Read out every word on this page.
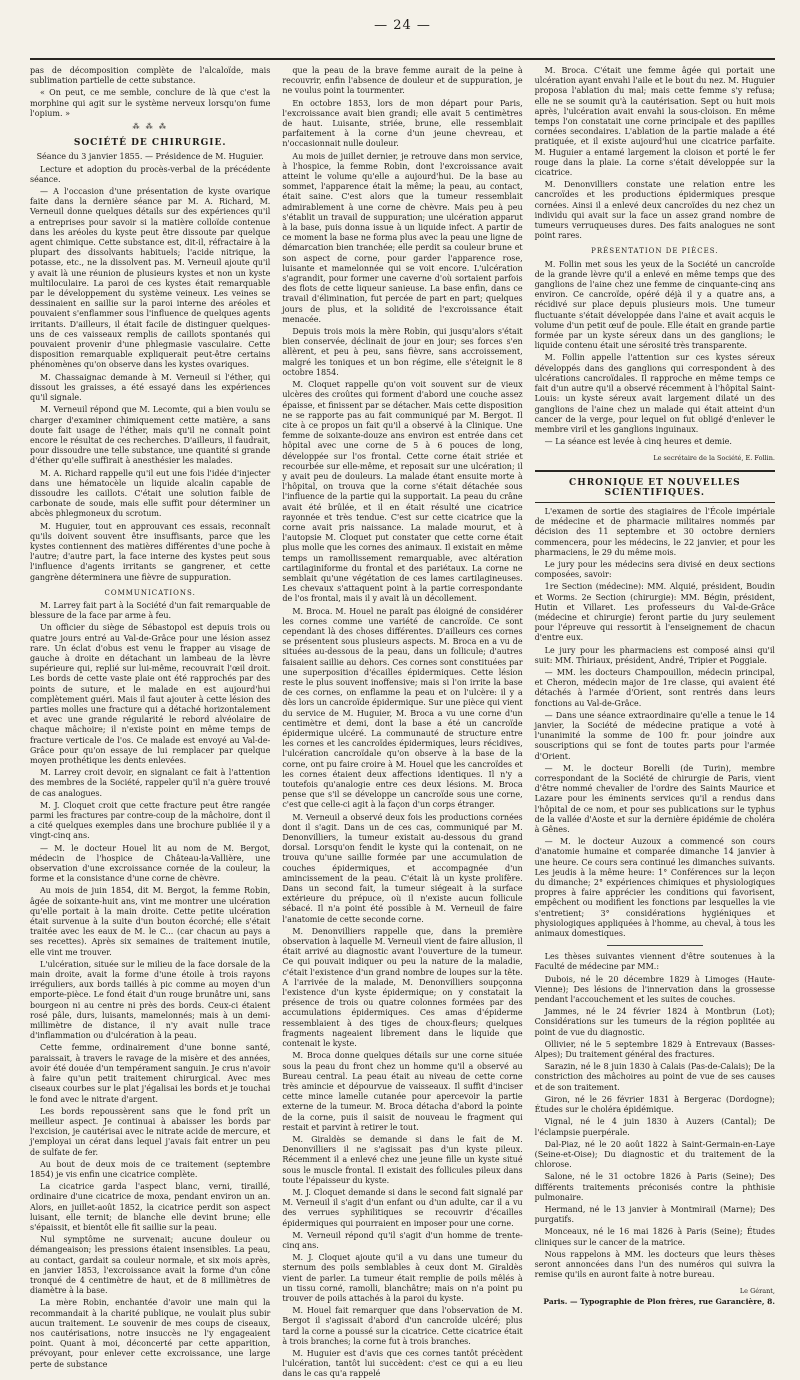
— 24 —

pas de décomposition complète de l'alcaloïde, mais sublimation partielle de cette substance.

« On peut, ce me semble, conclure de là que c'est la morphine qui agit sur le système nerveux lorsqu'on fume l'opium. »

⁂ ⁂ ⁂
SOCIÉTÉ DE CHIRURGIE.

Séance du 3 janvier 1855. — Présidence de M. Huguier.

Lecture et adoption du procès-verbal de la précédente séance.

— A l'occasion d'une présentation de kyste ovarique faite dans la dernière séance par M. A. Richard, M. Verneuil donne quelques détails sur des expériences qu'il a entreprises pour savoir si la matière colloïde contenue dans les aréoles du kyste peut être dissoute par quelque agent chimique. Cette substance est, dit-il, réfractaire à la plupart des dissolvants habituels; l'acide nitrique, la potasse, etc., ne la dissolvent pas. M. Verneuil ajoute qu'il y avait là une réunion de plusieurs kystes et non un kyste multiloculaire. La paroi de ces kystes était remarquable par le développement du système veineux. Les veines se dessinaient en saillie sur la paroi interne des aréoles et pouvaient s'enflammer sous l'influence de quelques agents irritants. D'ailleurs, il était facile de distinguer quelques-uns de ces vaisseaux remplis de caillots spontanés qui pouvaient provenir d'une phlegmasie vasculaire. Cette disposition remarquable expliquerait peut-être certains phénomènes qu'on observe dans les kystes ovariques.

M. Chassaignac demande à M. Verneuil si l'éther, qui dissout les graisses, a été essayé dans les expériences qu'il signale.

M. Verneuil répond que M. Lecomte, qui a bien voulu se charger d'examiner chimiquement cette matière, a sans doute fait usage de l'éther, mais qu'il ne connaît point encore le résultat de ces recherches. D'ailleurs, il faudrait, pour dissoudre une telle substance, une quantité si grande d'éther qu'elle suffirait à anesthésier les malades.

M. A. Richard rappelle qu'il eut une fois l'idée d'injecter dans une hématocèle un liquide alcalin capable de dissoudre les caillots. C'était une solution faible de carbonate de soude, mais elle suffit pour déterminer un abcès phlegmoneux du scrotum.

M. Huguier, tout en approuvant ces essais, reconnaît qu'ils doivent souvent être insuffisants, parce que les kystes contiennent des matières différentes d'une poche à l'autre; d'autre part, la face interne des kystes peut sous l'influence d'agents irritants se gangrener, et cette gangrène déterminera une fièvre de suppuration.

COMMUNICATIONS.

M. Larrey fait part à la Société d'un fait remarquable de blessure de la face par arme à feu.

Un officier du siège de Sébastopol est depuis trois ou quatre jours entré au Val-de-Grâce pour une lésion assez rare. Un éclat d'obus est venu le frapper au visage de gauche à droite en détachant un lambeau de la lèvre supérieure qui, replié sur lui-même, recouvrait l'œil droit. Les bords de cette vaste plaie ont été rapprochés par des points de suture, et le malade en est aujourd'hui complètement guéri. Mais il faut ajouter à cette lésion des parties molles une fracture qui a détaché horizontalement et avec une grande régularité le rebord alvéolaire de chaque mâchoire; il n'existe point en même temps de fracture verticale de l'os. Ce malade est envoyé au Val-de-Grâce pour qu'on essaye de lui remplacer par quelque moyen prothétique les dents enlevées.

M. Larrey croit devoir, en signalant ce fait à l'attention des membres de la Société, rappeler qu'il n'a guère trouvé de cas analogues.

M. J. Cloquet croit que cette fracture peut être rangée parmi les fractures par contre-coup de la mâchoire, dont il a cité quelques exemples dans une brochure publiée il y a vingt-cinq ans.

— M. le docteur Houel lit au nom de M. Bergot, médecin de l'hospice de Château-la-Vallière, une observation d'une excroissance cornée de la couleur, la forme et la consistance d'une corne de chèvre.

Au mois de juin 1854, dit M. Bergot, la femme Robin, âgée de soixante-huit ans, vint me montrer une ulcération qu'elle portait à la main droite. Cette petite ulcération était survenue à la suite d'un bouton écorché; elle s'était traitée avec les eaux de M. le C... (car chacun au pays a ses recettes). Après six semaines de traitement inutile, elle vint me trouver.

L'ulcération, située sur le milieu de la face dorsale de la main droite, avait la forme d'une étoile à trois rayons irréguliers, aux bords taillés à pic comme au moyen d'un emporte-pièce. Le fond était d'un rouge brunâtre uni, sans bourgeon ni au centre ni près des bords. Ceux-ci étaient rosé pâle, durs, luisants, mamelonnés; mais à un demi-millimètre de distance, il n'y avait nulle trace d'inflammation ou d'ulcération à la peau.

Cette femme, ordinairement d'une bonne santé, paraissait, à travers le ravage de la misère et des années, avoir été douée d'un tempérament sanguin. Je crus n'avoir à faire qu'un petit traitement chirurgical. Avec mes ciseaux courbes sur le plat j'égalisai les bords et je touchai le fond avec le nitrate d'argent.

Les bords repoussèrent sans que le fond prît un meilleur aspect. Je continuai à abaisser les bords par l'excision, je cautérisai avec le nitrate acide de mercure, et j'employai un cérat dans lequel j'avais fait entrer un peu de sulfate de fer.

Au bout de deux mois de ce traitement (septembre 1854) je vis enfin une cicatrice complète.

La cicatrice garda l'aspect blanc, verni, tiraillé, ordinaire d'une cicatrice de moxa, pendant environ un an. Alors, en juillet-août 1852, la cicatrice perdit son aspect luisant, elle ternit; de blanche elle devint brune; elle s'épaissit, et bientôt elle fit saillie sur la peau.

Nul symptôme ne survenait; aucune douleur ou démangeaison; les pressions étaient insensibles. La peau, au contact, gardait sa couleur normale, et six mois après, en janvier 1853, l'excroissance avait la forme d'un cône tronqué de 4 centimètre de haut, et de 8 millimètres de diamètre à la base.

La mère Robin, enchantée d'avoir une main qui la recommandait à la charité publique, ne voulait plus subir aucun traitement. Le souvenir de mes coups de ciseaux, nos cautérisations, notre insuccès ne l'y engageaient point. Quant à moi, déconcerté par cette apparition, prévoyant, pour enlever cette excroissance, une large perte de substance

que la peau de la brave femme aurait de la peine à recouvrir, enfin l'absence de douleur et de suppuration, je ne voulus point la tourmenter.

En octobre 1853, lors de mon départ pour Paris, l'excroissance avait bien grandi; elle avait 5 centimètres de haut. Luisante, striée, brune, elle ressemblait parfaitement à la corne d'un jeune chevreau, et n'occasionnait nulle douleur.

Au mois de juillet dernier, je retrouve dans mon service, à l'hospice, la femme Robin, dont l'excroissance avait atteint le volume qu'elle a aujourd'hui. De la base au sommet, l'apparence était la même; la peau, au contact, était saine. C'est alors que la tumeur ressemblait admirablement à une corne de chèvre. Mais peu à peu s'établit un travail de suppuration; une ulcération apparut à la base, puis donna issue à un liquide infect. A partir de ce moment la base ne forma plus avec la peau une ligne de démarcation bien tranchée; elle perdit sa couleur brune et son aspect de corne, pour garder l'apparence rose, luisante et mamelonnée qui se voit encore. L'ulcération s'agrandit, pour former une caverne d'où sortaient parfois des flots de cette liqueur sanieuse. La base enfin, dans ce travail d'élimination, fut percée de part en part; quelques jours de plus, et la solidité de l'excroissance était menacée.

Depuis trois mois la mère Robin, qui jusqu'alors s'était bien conservée, déclinait de jour en jour; ses forces s'en allèrent, et peu à peu, sans fièvre, sans accroissement, malgré les toniques et un bon régime, elle s'éteignit le 8 octobre 1854.

M. Cloquet rappelle qu'on voit souvent sur de vieux ulcères des croûtes qui forment d'abord une couche assez épaisse, et finissent par se détacher. Mais cette disposition ne se rapporte pas au fait communiqué par M. Bergot. Il cite à ce propos un fait qu'il a observé à la Clinique. Une femme de soixante-douze ans environ est entrée dans cet hôpital avec une corne de 5 à 6 pouces de long, développée sur l'os frontal. Cette corne était striée et recourbée sur elle-même, et reposait sur une ulcération; il y avait peu de douleurs. La malade étant ensuite morte à l'hôpital, on trouva que la corne s'était détachée sous l'influence de la partie qui la supportait. La peau du crâne avait été brûlée, et il en était résulté une cicatrice rayonnée et très tendue. C'est sur cette cicatrice que la corne avait pris naissance. La malade mourut, et à l'autopsie M. Cloquet put constater que cette corne était plus molle que les cornes des animaux. Il existait en même temps un ramollissement remarquable, avec altération cartilaginiforme du frontal et des pariétaux. La corne ne semblait qu'une végétation de ces lames cartilagineuses. Les chevaux s'attaquent point à la partie correspondante de l'os frontal, mais il y avait là un décollement.

M. Broca. M. Houel ne paraît pas éloigné de considérer les cornes comme une variété de cancroïde. Ce sont cependant là des choses différentes. D'ailleurs ces cornes se présentent sous plusieurs aspects. M. Broca en a vu de situées au-dessous de la peau, dans un follicule; d'autres faisaient saillie au dehors. Ces cornes sont constituées par une superposition d'écailles épidermiques. Cette lésion reste le plus souvent inoffensive; mais si l'on irrite la base de ces cornes, on enflamme la peau et on l'ulcère: il y a dès lors un cancroïde épidermique. Sur une pièce qui vient du service de M. Huguier, M. Broca a vu une corne d'un centimètre et demi, dont la base a été un cancroïde épidermique ulcéré. La communauté de structure entre les cornes et les cancroïdes épidermiques, leurs récidives, l'ulcération cancroïdale qu'on observe à la base de la corne, ont pu faire croire à M. Houel que les cancroïdes et les cornes étaient deux affections identiques. Il n'y a toutefois qu'analogie entre ces deux lésions. M. Broca pense que s'il se développe un cancroïde sous une corne, c'est que celle-ci agit à la façon d'un corps étranger.

M. Verneuil a observé deux fois les productions cornées dont il s'agit. Dans un de ces cas, communiqué par M. Denonvilliers, la tumeur existait au-dessous du grand dorsal. Lorsqu'on fendit le kyste qui la contenait, on ne trouva qu'une saillie formée par une accumulation de couches épidermiques, et accompagnée d'un amincissement de la peau. C'était là un kyste prolifère. Dans un second fait, la tumeur siégeait à la surface extérieure du prépuce, où il n'existe aucun follicule sébacé. Il n'a point été possible à M. Verneuil de faire l'anatomie de cette seconde corne.

M. Denonvilliers rappelle que, dans la première observation à laquelle M. Verneuil vient de faire allusion, il était arrivé au diagnostic avant l'ouverture de la tumeur. Ce qui pouvait indiquer ou peu la nature de la maladie, c'était l'existence d'un grand nombre de loupes sur la tête. A l'arrivée de la malade, M. Denonvilliers soupçonna l'existence d'un kyste épidermique; on y constatait la présence de trois ou quatre colonnes formées par des accumulations épidermiques. Ces amas d'épiderme ressemblaient à des tiges de choux-fleurs; quelques fragments nageaient librement dans le liquide que contenait le kyste.

M. Broca donne quelques détails sur une corne située sous la peau du front chez un homme qu'il a observé au Bureau central. La peau était au niveau de cette corne très amincie et dépourvue de vaisseaux. Il suffit d'inciser cette mince lamelle cutanée pour apercevoir la partie externe de la tumeur. M. Broca détacha d'abord la pointe de la corne, puis il saisit de nouveau le fragment qui restait et parvint à retirer le tout.

M. Giraldès se demande si dans le fait de M. Denonvilliers il ne s'agissait pas d'un kyste pileux. Récemment il a enlevé chez une jeune fille un kyste situé sous le muscle frontal. Il existait des follicules pileux dans toute l'épaisseur du kyste.

M. J. Cloquet demande si dans le second fait signalé par M. Verneuil il s'agit d'un enfant ou d'un adulte, car il a vu des verrues syphilitiques se recouvrir d'écailles épidermiques qui pourraient en imposer pour une corne.

M. Verneuil répond qu'il s'agit d'un homme de trente-cinq ans.

M. J. Cloquet ajoute qu'il a vu dans une tumeur du sternum des poils semblables à ceux dont M. Giraldès vient de parler. La tumeur était remplie de poils mêlés à un tissu corné, ramolli, blanchâtre; mais on n'a point pu trouver de poils attachés à la paroi du kyste.

M. Houel fait remarquer que dans l'observation de M. Bergot il s'agissait d'abord d'un cancroïde ulcéré; plus tard la corne a poussé sur la cicatrice. Cette cicatrice était à trois branches; la corne fut à trois branches.

M. Huguier est d'avis que ces cornes tantôt précèdent l'ulcération, tantôt lui succèdent: c'est ce qui a eu lieu dans le cas qu'a rappelé

M. Broca. C'était une femme âgée qui portait une ulcération ayant envahi l'aile et le bout du nez. M. Huguier proposa l'ablation du mal; mais cette femme s'y refusa; elle ne se soumit qu'à la cautérisation. Sept ou huit mois après, l'ulcération avait envahi la sous-cloison. En même temps l'on constatait une corne principale et des papilles cornées secondaires. L'ablation de la partie malade a été pratiquée, et il existe aujourd'hui une cicatrice parfaite. M. Huguier a entamé largement la cloison et porté le fer rouge dans la plaie. La corne s'était développée sur la cicatrice.

M. Denonvilliers constate une relation entre les cancroïdes et les productions épidermiques presque cornées. Ainsi il a enlevé deux cancroïdes du nez chez un individu qui avait sur la face un assez grand nombre de tumeurs verruqueuses dures. Des faits analogues ne sont point rares.

PRÉSENTATION DE PIÈCES.

M. Follin met sous les yeux de la Société un cancroïde de la grande lèvre qu'il a enlevé en même temps que des ganglions de l'aine chez une femme de cinquante-cinq ans environ. Ce cancroïde, opéré déjà il y a quatre ans, a récidivé sur place depuis plusieurs mois. Une tumeur fluctuante s'était développée dans l'aine et avait acquis le volume d'un petit œuf de poule. Elle était en grande partie formée par un kyste séreux dans un des ganglions; le liquide contenu était une sérosité très transparente.

M. Follin appelle l'attention sur ces kystes séreux développés dans des ganglions qui correspondent à des ulcérations cancroïdales. Il rapproche en même temps ce fait d'un autre qu'il a observé récemment à l'hôpital Saint-Louis: un kyste séreux avait largement dilaté un des ganglions de l'aine chez un malade qui était atteint d'un cancer de la verge, pour lequel on fut obligé d'enlever le membre viril et les ganglions inguinaux.

— La séance est levée à cinq heures et demie.

Le secrétaire de la Société, E. Follin.
CHRONIQUE ET NOUVELLES SCIENTIFIQUES.

L'examen de sortie des stagiaires de l'École impériale de médecine et de pharmacie militaires nommés par décision des 11 septembre et 30 octobre derniers commencera, pour les médecins, le 22 janvier, et pour les pharmaciens, le 29 du même mois.

Le jury pour les médecins sera divisé en deux sections composées, savoir:

1re Section (médecine): MM. Alquié, président, Boudin et Worms. 2e Section (chirurgie): MM. Bégin, président, Hutin et Villaret. Les professeurs du Val-de-Grâce (médecine et chirurgie) feront partie du jury seulement pour l'épreuve qui ressortit à l'enseignement de chacun d'entre eux.

Le jury pour les pharmaciens est composé ainsi qu'il suit: MM. Thiriaux, président, André, Tripier et Poggiale.

— MM. les docteurs Champouillon, médecin principal, et Cheron, médecin major de 1re classe, qui avaient été détachés à l'armée d'Orient, sont rentrés dans leurs fonctions au Val-de-Grâce.

— Dans une séance extraordinaire qu'elle a tenue le 14 janvier, la Société de médecine pratique a voté à l'unanimité la somme de 100 fr. pour joindre aux souscriptions qui se font de toutes parts pour l'armée d'Orient.

— M. le docteur Borelli (de Turin), membre correspondant de la Société de chirurgie de Paris, vient d'être nommé chevalier de l'ordre des Saints Maurice et Lazare pour les éminents services qu'il a rendus dans l'hôpital de ce nom, et pour ses publications sur le typhus de la vallée d'Aoste et sur la dernière épidémie de choléra à Gênes.

— M. le docteur Auzoux a commencé son cours d'anatomie humaine et comparée dimanche 14 janvier à une heure. Ce cours sera continué les dimanches suivants. Les jeudis à la même heure: 1° Conférences sur la leçon du dimanche; 2° expériences chimiques et physiologiques propres à faire apprécier les conditions qui favorisent, empêchent ou modifient les fonctions par lesquelles la vie s'entretient; 3° considérations hygiéniques et physiologiques appliquées à l'homme, au cheval, à tous les animaux domestiques.

Les thèses suivantes viennent d'être soutenues à la Faculté de médecine par MM.:

Dubois, né le 20 décembre 1829 à Limoges (Haute-Vienne); Des lésions de l'innervation dans la grossesse pendant l'accouchement et les suites de couches.

Jammes, né le 24 février 1824 à Montbrun (Lot); Considérations sur les tumeurs de la région poplitée au point de vue du diagnostic.

Ollivier, né le 5 septembre 1829 à Entrevaux (Basses-Alpes); Du traitement général des fractures.

Sarazin, né le 8 juin 1830 à Calais (Pas-de-Calais); De la constriction des mâchoires au point de vue de ses causes et de son traitement.

Giron, né le 26 février 1831 à Bergerac (Dordogne); Études sur le choléra épidémique.

Vignal, né le 4 juin 1830 à Auzers (Cantal); De l'éclampsie puerpérale.

Dal-Piaz, né le 20 août 1822 à Saint-Germain-en-Laye (Seine-et-Oise); Du diagnostic et du traitement de la chlorose.

Salone, né le 31 octobre 1826 à Paris (Seine); Des différents traitements préconisés contre la phthisie pulmonaire.

Hermand, né le 13 janvier à Montmirail (Marne); Des purgatifs.

Monceaux, né le 16 mai 1826 à Paris (Seine); Études cliniques sur le cancer de la matrice.

Nous rappelons à MM. les docteurs que leurs thèses seront annoncées dans l'un des numéros qui suivra la remise qu'ils en auront faite à notre bureau.

Le Gérant,
Paris. — Typographie de Plon frères, rue Garancière, 8.
